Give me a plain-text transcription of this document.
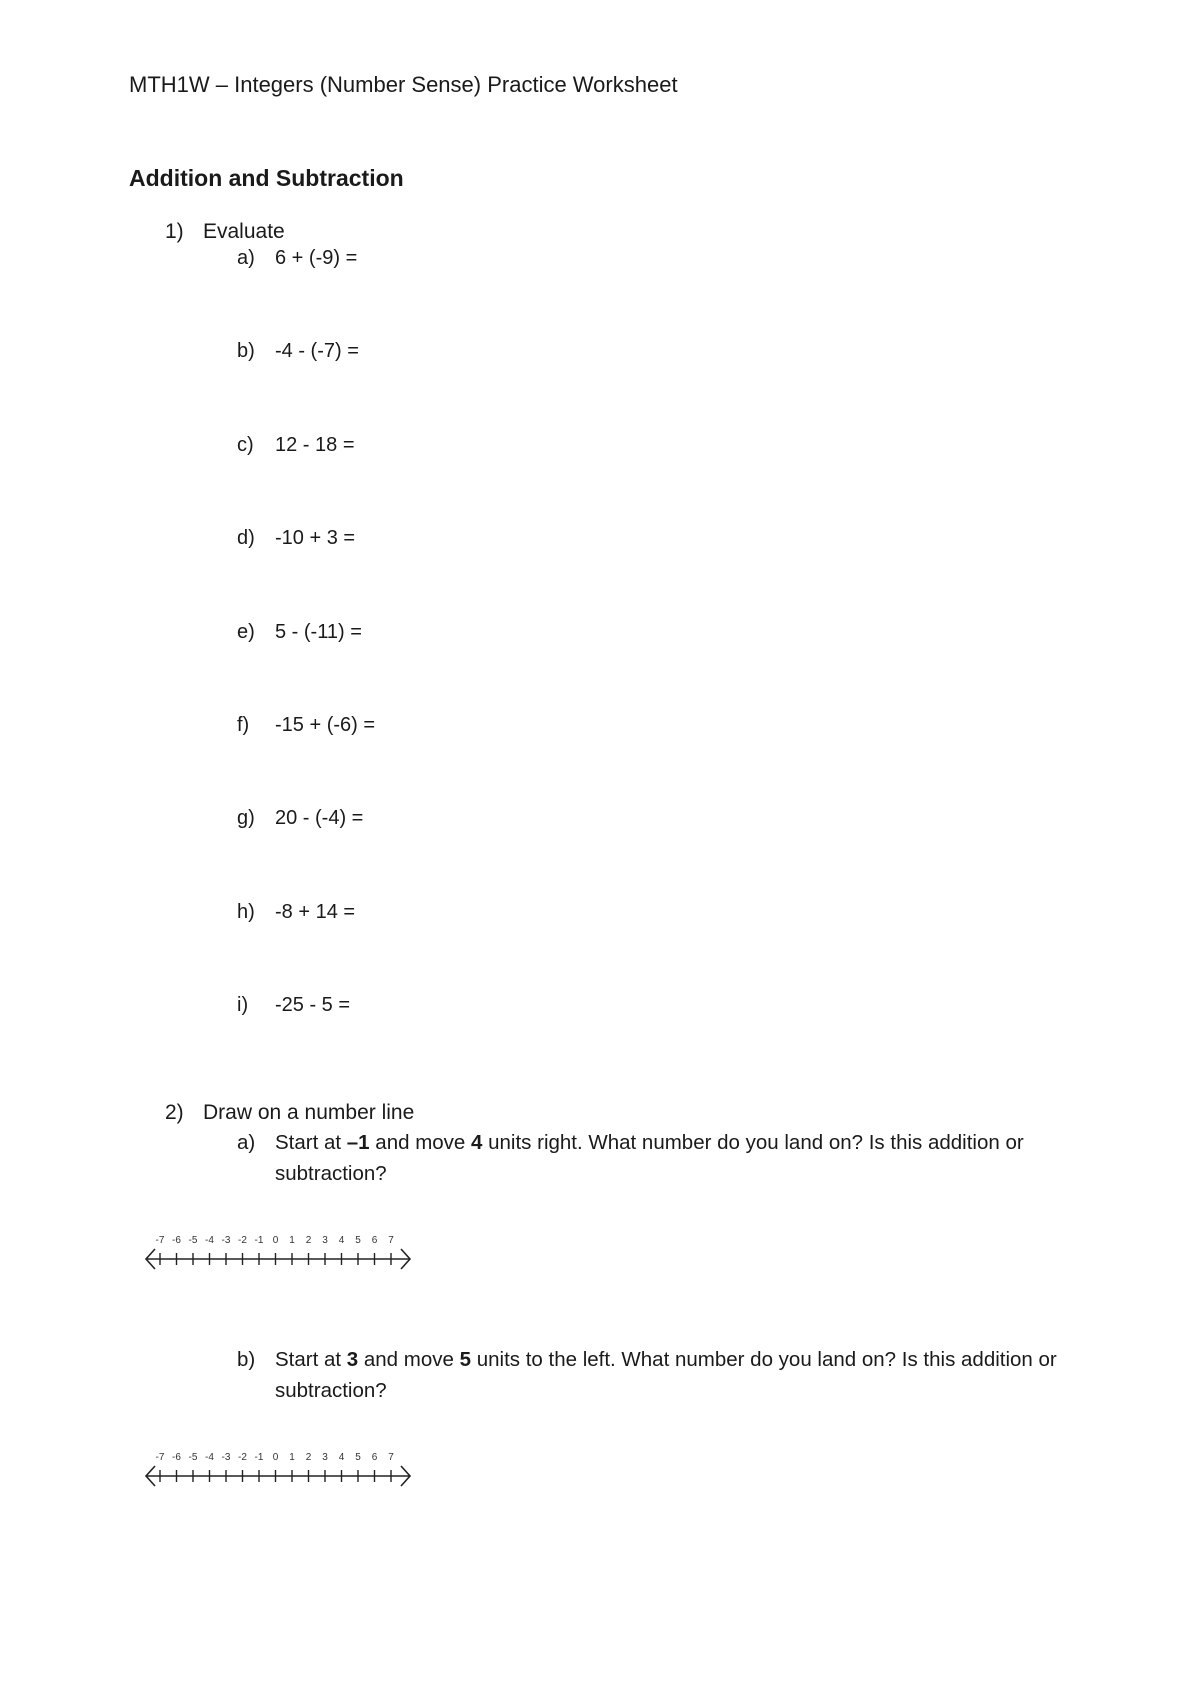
MTH1W – Integers (Number Sense) Practice Worksheet
Addition and Subtraction
1) Evaluate
a) 6 + (-9) =
b) -4 - (-7) =
c) 12 - 18 =
d) -10 + 3 =
e) 5 - (-11) =
f) -15 + (-6) =
g) 20 - (-4) =
h) -8 + 14 =
i) -25 - 5 =
2) Draw on a number line
a) Start at –1 and move 4 units right. What number do you land on? Is this addition or subtraction?
-7 -6 -5 -4 -3 -2 -1 0 1 2 3 4 5 6 7
b) Start at 3 and move 5 units to the left. What number do you land on? Is this addition or subtraction?
-7 -6 -5 -4 -3 -2 -1 0 1 2 3 4 5 6 7
